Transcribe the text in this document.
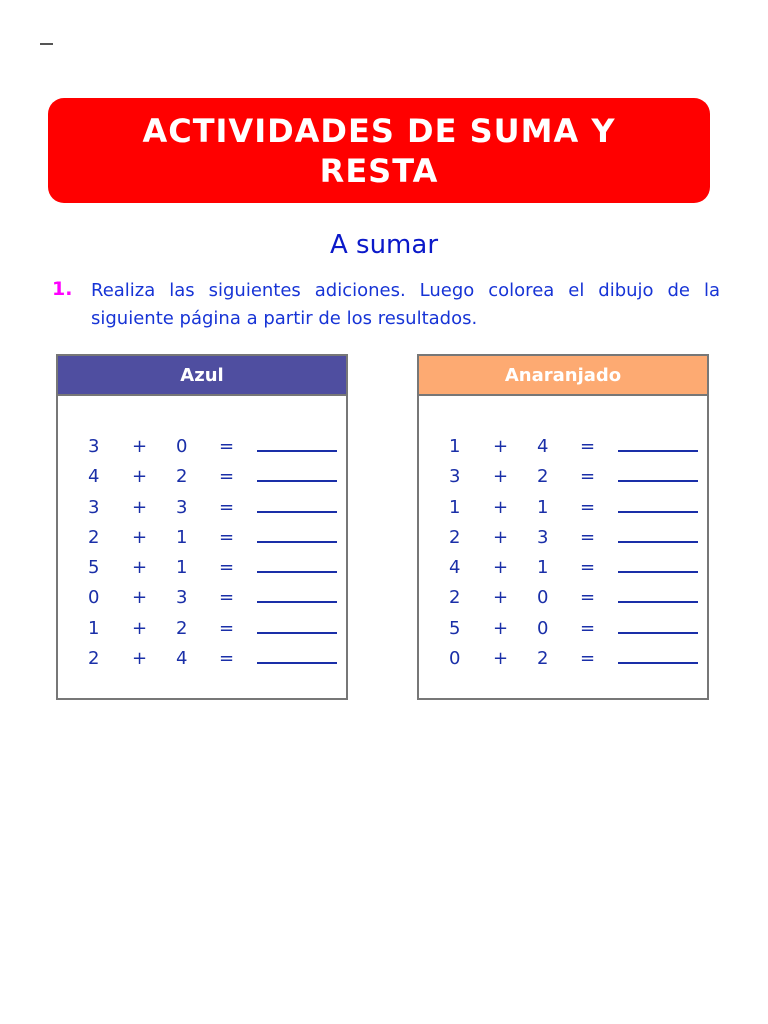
ACTIVIDADES DE SUMA Y RESTA
A sumar
1. Realiza las siguientes adiciones. Luego colorea el dibujo de la siguiente página a partir de los resultados.
Azul
3 + 0 =
4 + 2 =
3 + 3 =
2 + 1 =
5 + 1 =
0 + 3 =
1 + 2 =
2 + 4 =
Anaranjado
1 + 4 =
3 + 2 =
1 + 1 =
2 + 3 =
4 + 1 =
2 + 0 =
5 + 0 =
0 + 2 =
